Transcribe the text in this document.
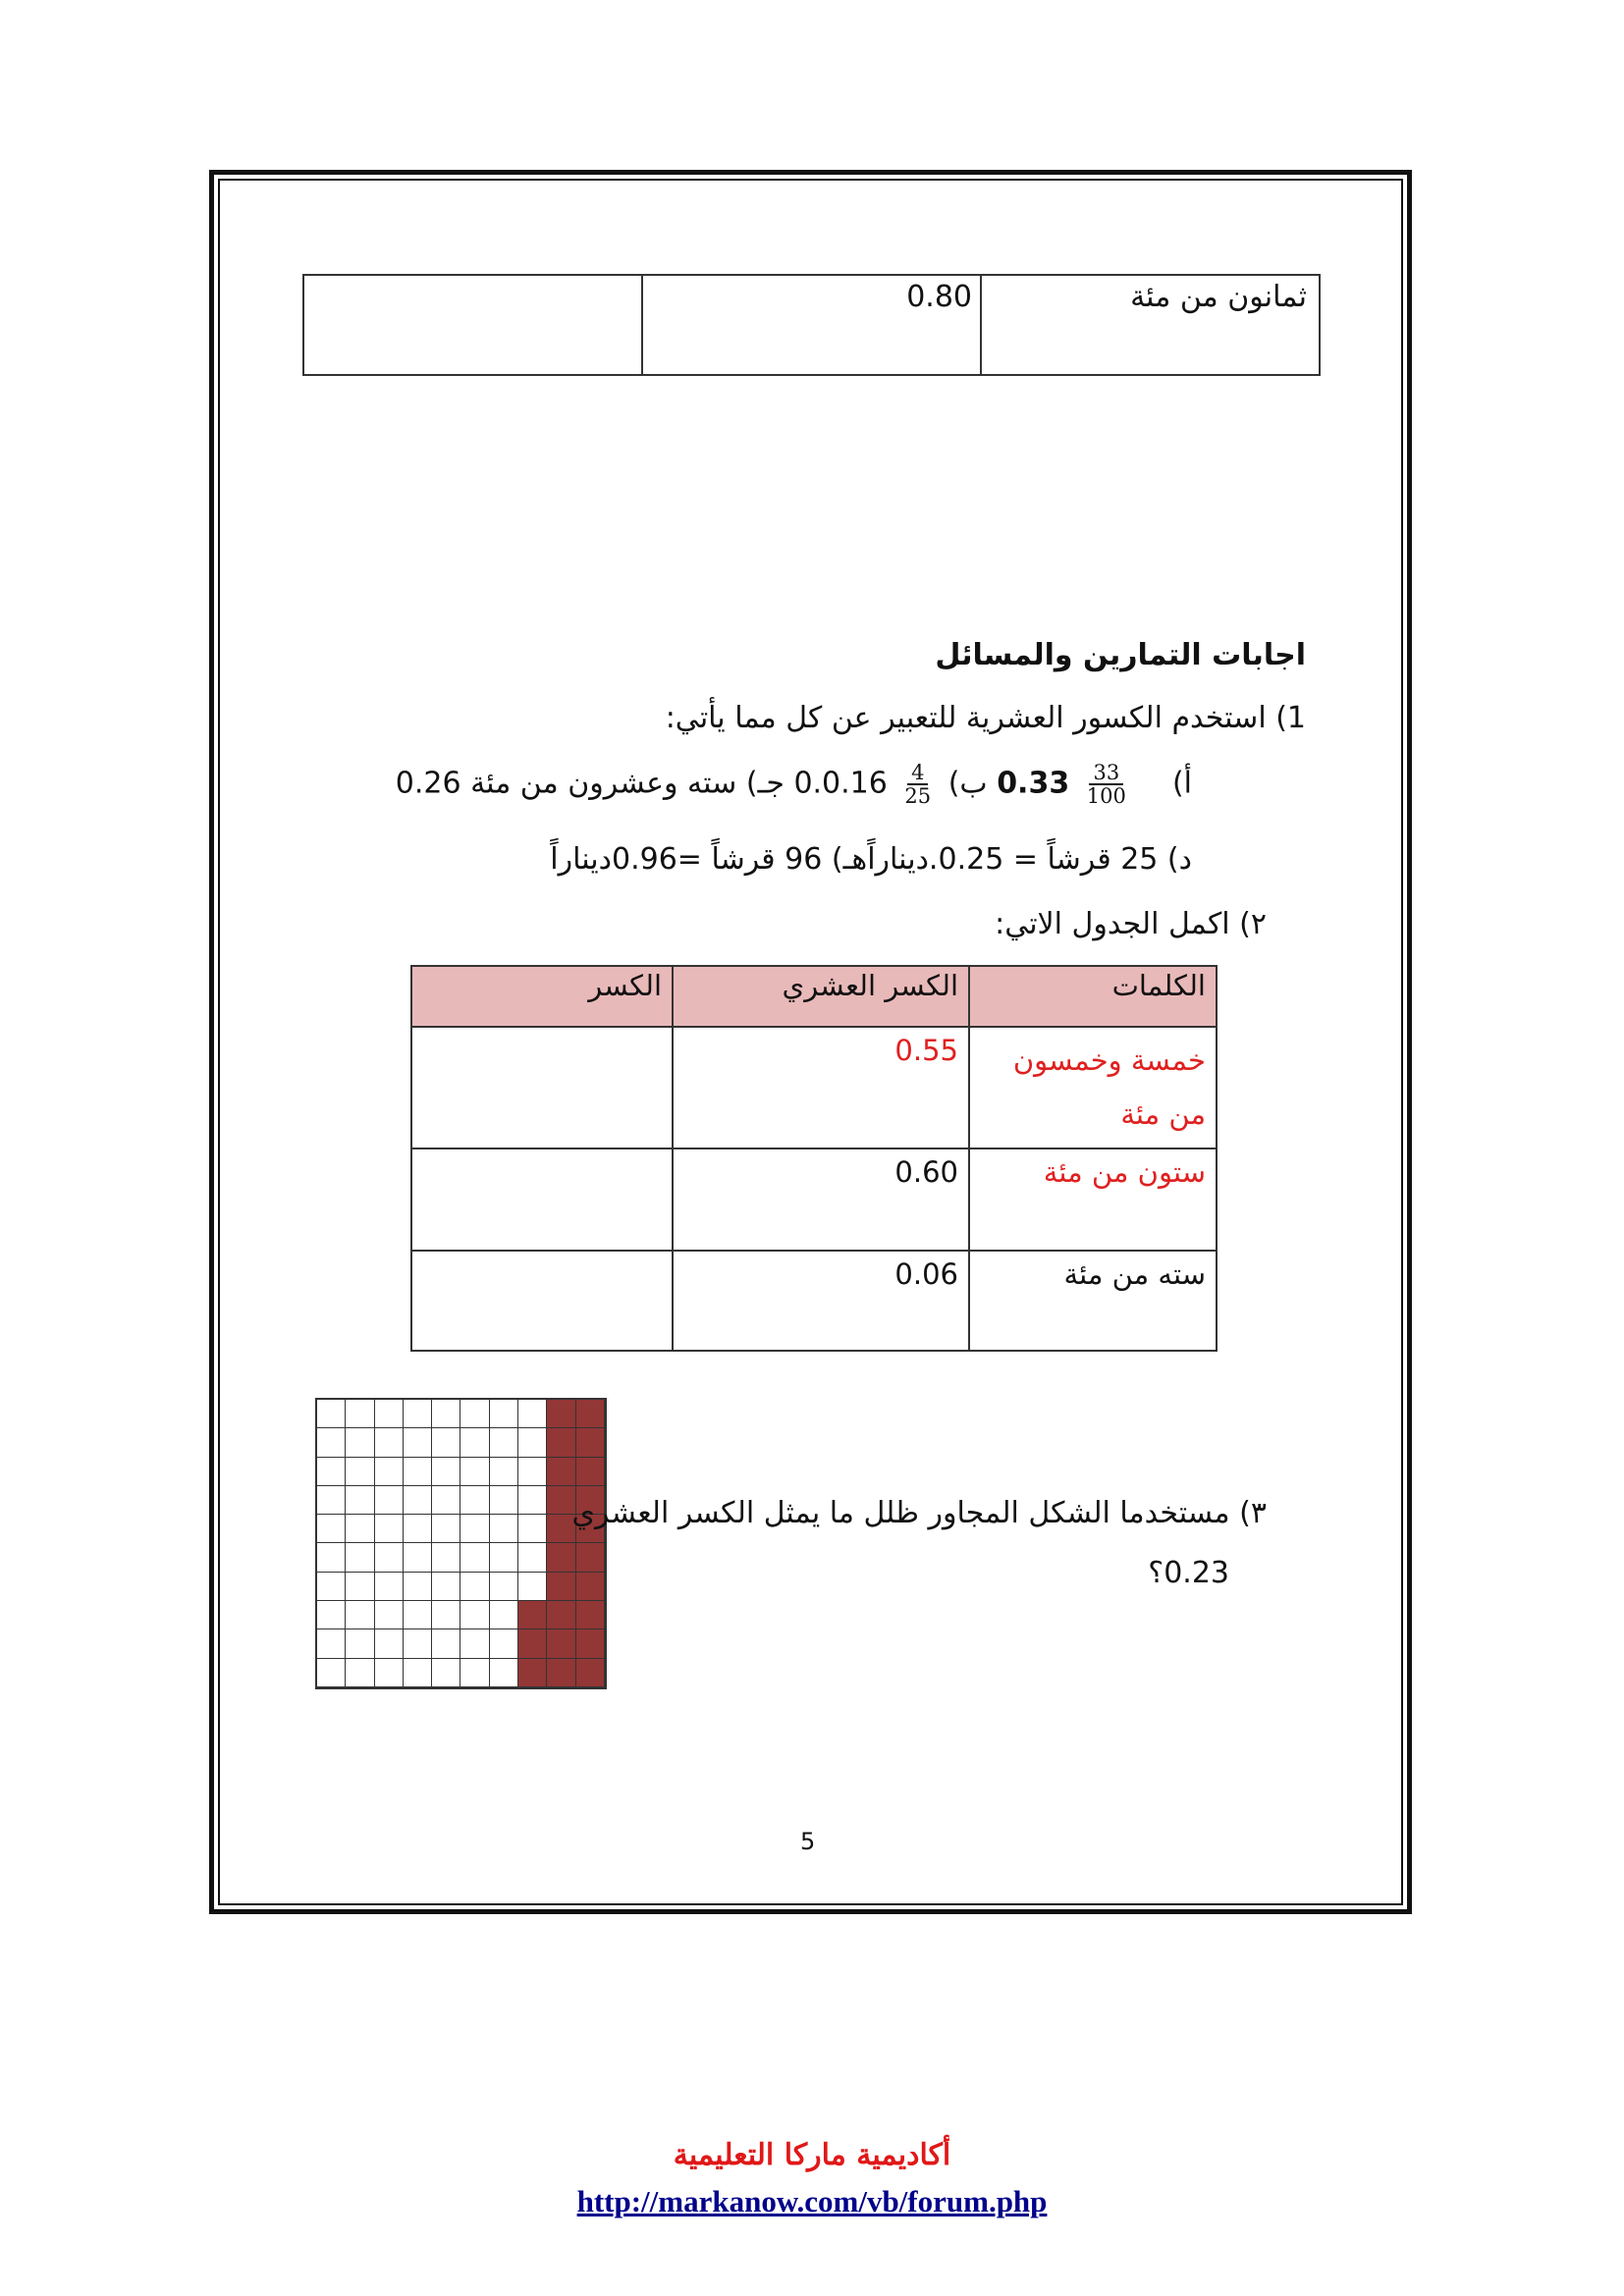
	0.80	ثمانون من مئة
اجابات التمارين والمسائل
1) استخدم الكسور العشرية للتعبير عن كل مما يأتي:
أ)
$\frac{33}{100}$
0.33 ب)
$\frac{4}{25}$
0.0.16 جـ) سته وعشرون من مئة 0.26
د) 25 قرشاً = 0.25.ديناراًهـ) 96 قرشاً =0.96ديناراً
٢) اكمل الجدول الاتي:
الكلمات	الكسر العشري	الكسر
خمسة وخمسون من مئة	0.55	
ستون من مئة	0.60	
سته من مئة	0.06	
٣) مستخدما الشكل المجاور ظلل ما يمثل الكسر العشري
0.23؟
5
أكاديمية ماركا التعليمية
http://markanow.com/vb/forum.php
